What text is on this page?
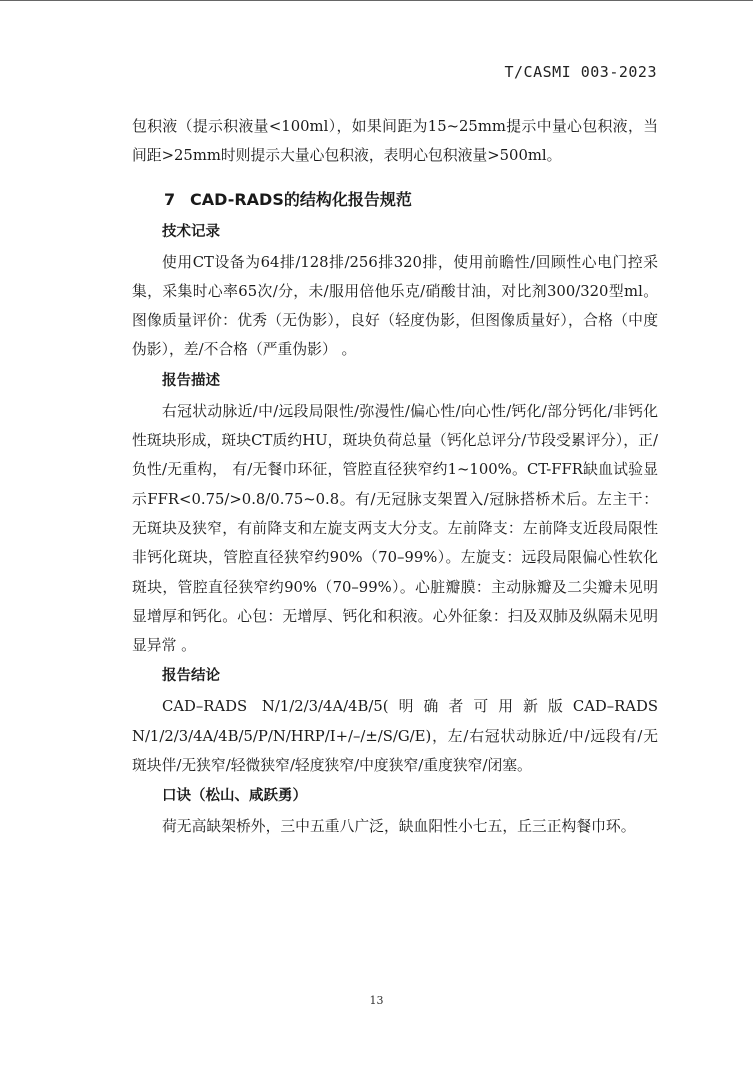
T/CASMI 003-2023

包积液（提示积液量<100ml），如果间距为15~25mm提示中量心包积液，当间距>25mm时则提示大量心包积液，表明心包积液量>500ml。

7 CAD-RADS的结构化报告规范
技术记录

使用CT设备为64排/128排/256排320排，使用前瞻性/回顾性心电门控采集，采集时心率65次/分，未/服用倍他乐克/硝酸甘油，对比剂300/320型ml。图像质量评价：优秀（无伪影），良好（轻度伪影，但图像质量好），合格（中度伪影），差/不合格（严重伪影） 。

报告描述

右冠状动脉近/中/远段局限性/弥漫性/偏心性/向心性/钙化/部分钙化/非钙化性斑块形成，斑块CT质约HU，斑块负荷总量（钙化总评分/节段受累评分），正/负性/无重构， 有/无餐巾环征，管腔直径狭窄约1~100%。CT-FFR缺血试验显示FFR<0.75/>0.8/0.75~0.8。有/无冠脉支架置入/冠脉搭桥术后。左主干：无斑块及狭窄，有前降支和左旋支两支大分支。左前降支：左前降支近段局限性非钙化斑块，管腔直径狭窄约90%（70–99%）。左旋支：远段局限偏心性软化斑块，管腔直径狭窄约90%（70–99%）。心脏瓣膜：主动脉瓣及二尖瓣未见明显增厚和钙化。心包：无增厚、钙化和积液。心外征象：扫及双肺及纵隔未见明显异常 。

报告结论

CAD–RADS N/1/2/3/4A/4B/5(明确者可用新版CAD–RADS N/1/2/3/4A/4B/5/P/N/HRP/I+/–/±/S/G/E)，左/右冠状动脉近/中/远段有/无斑块伴/无狭窄/轻微狭窄/轻度狭窄/中度狭窄/重度狭窄/闭塞。

口诀（松山、咸跃勇）

荷无高缺架桥外，三中五重八广泛，缺血阳性小七五，丘三正构餐巾环。

13
